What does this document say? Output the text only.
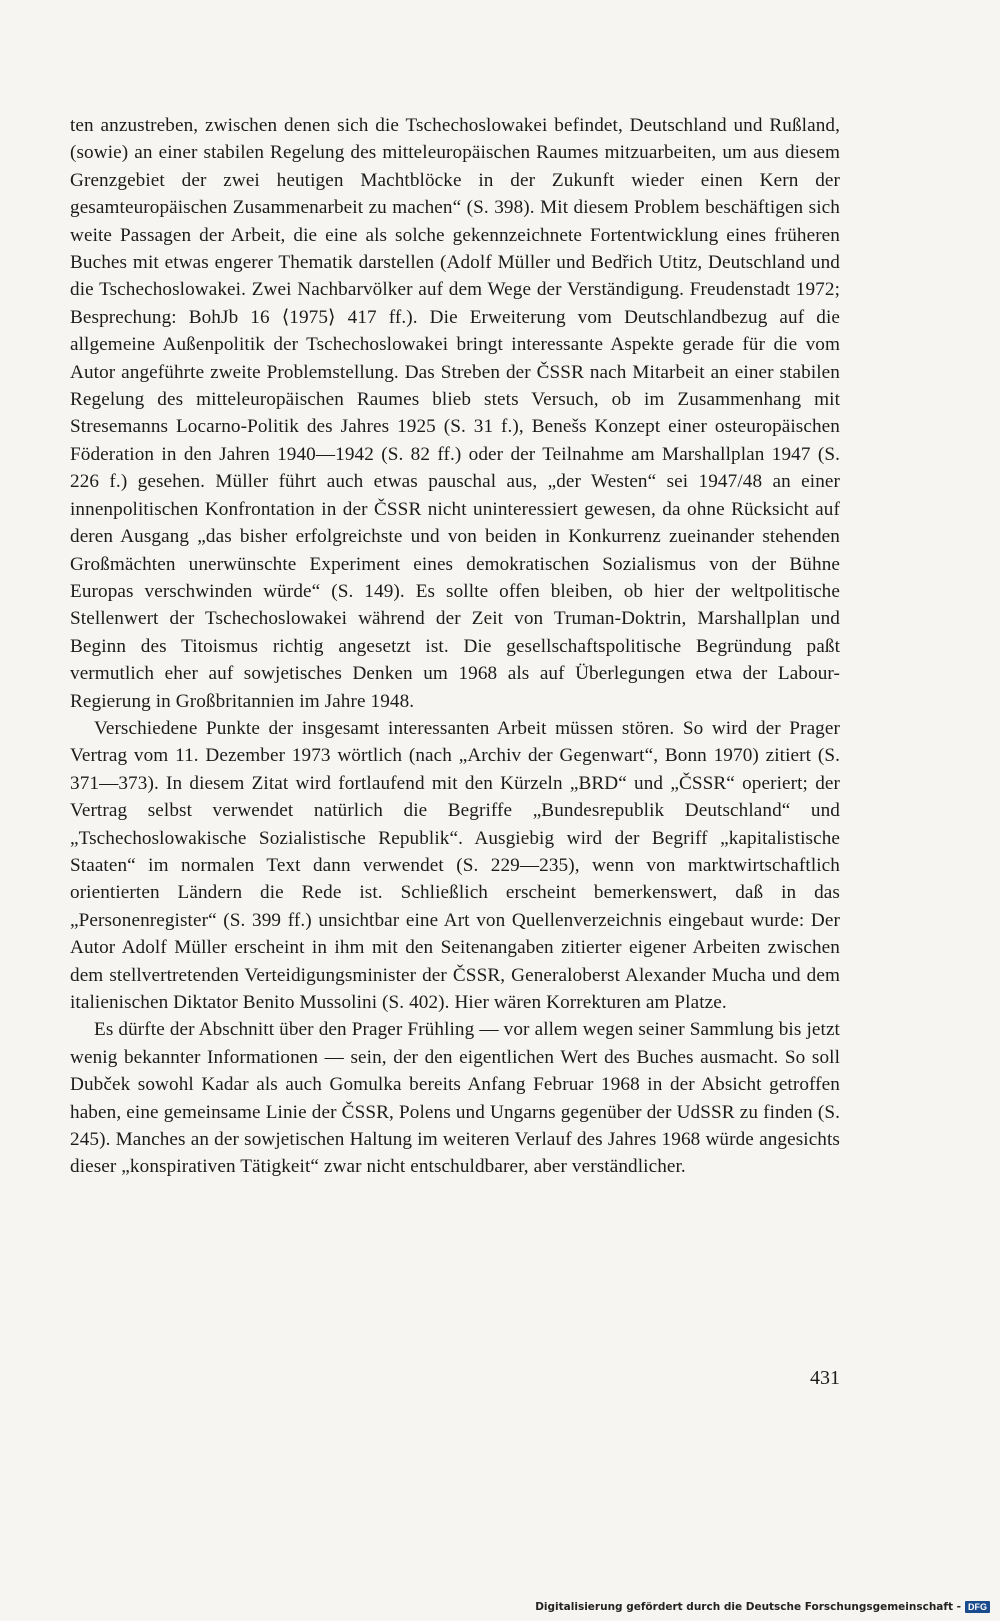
ten anzustreben, zwischen denen sich die Tschechoslowakei befindet, Deutschland und Rußland, (sowie) an einer stabilen Regelung des mitteleuropäischen Raumes mitzuarbeiten, um aus diesem Grenzgebiet der zwei heutigen Machtblöcke in der Zukunft wieder einen Kern der gesamteuropäischen Zusammenarbeit zu machen“ (S. 398). Mit diesem Problem beschäftigen sich weite Passagen der Arbeit, die eine als solche gekennzeichnete Fortentwicklung eines früheren Buches mit etwas engerer Thematik darstellen (Adolf Müller und Bedřich Utitz, Deutschland und die Tschechoslowakei. Zwei Nachbarvölker auf dem Wege der Verständigung. Freudenstadt 1972; Besprechung: BohJb 16 ⟨1975⟩ 417 ff.). Die Erweiterung vom Deutschlandbezug auf die allgemeine Außenpolitik der Tschechoslowakei bringt interessante Aspekte gerade für die vom Autor angeführte zweite Problemstellung. Das Streben der ČSSR nach Mitarbeit an einer stabilen Regelung des mitteleuropäischen Raumes blieb stets Versuch, ob im Zusammenhang mit Stresemanns Locarno-Politik des Jahres 1925 (S. 31 f.), Benešs Konzept einer osteuropäischen Föderation in den Jahren 1940—1942 (S. 82 ff.) oder der Teilnahme am Marshallplan 1947 (S. 226 f.) gesehen. Müller führt auch etwas pauschal aus, „der Westen“ sei 1947/48 an einer innenpolitischen Konfrontation in der ČSSR nicht uninteressiert gewesen, da ohne Rücksicht auf deren Ausgang „das bisher erfolgreichste und von beiden in Konkurrenz zueinander stehenden Großmächten unerwünschte Experiment eines demokratischen Sozialismus von der Bühne Europas verschwinden würde“ (S. 149). Es sollte offen bleiben, ob hier der weltpolitische Stellenwert der Tschechoslowakei während der Zeit von Truman-Doktrin, Marshallplan und Beginn des Titoismus richtig angesetzt ist. Die gesellschaftspolitische Begründung paßt vermutlich eher auf sowjetisches Denken um 1968 als auf Überlegungen etwa der Labour-Regierung in Großbritannien im Jahre 1948.

Verschiedene Punkte der insgesamt interessanten Arbeit müssen stören. So wird der Prager Vertrag vom 11. Dezember 1973 wörtlich (nach „Archiv der Gegenwart“, Bonn 1970) zitiert (S. 371—373). In diesem Zitat wird fortlaufend mit den Kürzeln „BRD“ und „ČSSR“ operiert; der Vertrag selbst verwendet natürlich die Begriffe „Bundesrepublik Deutschland“ und „Tschechoslowakische Sozialistische Republik“. Ausgiebig wird der Begriff „kapitalistische Staaten“ im normalen Text dann verwendet (S. 229—235), wenn von marktwirtschaftlich orientierten Ländern die Rede ist. Schließlich erscheint bemerkenswert, daß in das „Personenregister“ (S. 399 ff.) unsichtbar eine Art von Quellenverzeichnis eingebaut wurde: Der Autor Adolf Müller erscheint in ihm mit den Seitenangaben zitierter eigener Arbeiten zwischen dem stellvertretenden Verteidigungsminister der ČSSR, Generaloberst Alexander Mucha und dem italienischen Diktator Benito Mussolini (S. 402). Hier wären Korrekturen am Platze.

Es dürfte der Abschnitt über den Prager Frühling — vor allem wegen seiner Sammlung bis jetzt wenig bekannter Informationen — sein, der den eigentlichen Wert des Buches ausmacht. So soll Dubček sowohl Kadar als auch Gomulka bereits Anfang Februar 1968 in der Absicht getroffen haben, eine gemeinsame Linie der ČSSR, Polens und Ungarns gegenüber der UdSSR zu finden (S. 245). Manches an der sowjetischen Haltung im weiteren Verlauf des Jahres 1968 würde angesichts dieser „konspirativen Tätigkeit“ zwar nicht entschuldbarer, aber verständlicher.

431
Digitalisierung gefördert durch die Deutsche Forschungsgemeinschaft - DFG
